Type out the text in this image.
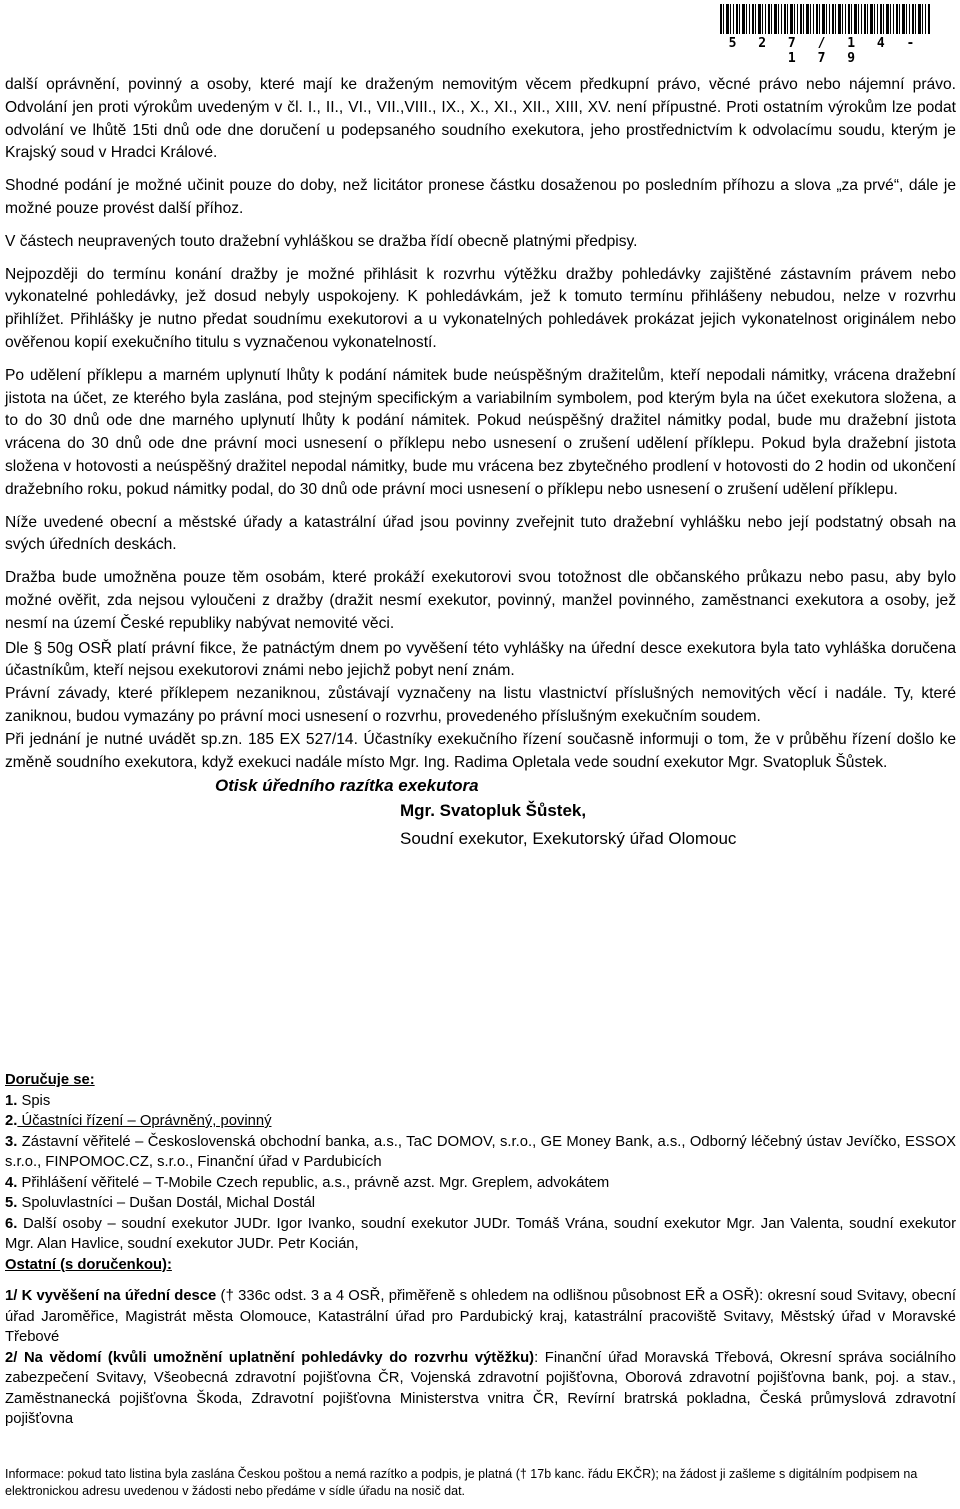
5 2 7 / 1 4 - 1 7 9

další oprávnění, povinný a osoby, které mají ke draženým nemovitým věcem předkupní právo, věcné právo nebo nájemní právo. Odvolání jen proti výrokům uvedeným v čl. I., II., VI., VII.,VIII., IX., X., XI., XII., XIII, XV. není přípustné. Proti ostatním výrokům lze podat odvolání ve lhůtě 15ti dnů ode dne doručení u podepsaného soudního exekutora, jeho prostřednictvím k odvolacímu soudu, kterým je Krajský soud v Hradci Králové.

Shodné podání je možné učinit pouze do doby, než licitátor pronese částku dosaženou po posledním příhozu a slova „za prvé“, dále je možné pouze provést další příhoz.

V částech neupravených touto dražební vyhláškou se dražba řídí obecně platnými předpisy.

Nejpozději do termínu konání dražby je možné přihlásit k rozvrhu výtěžku dražby pohledávky zajištěné zástavním právem nebo vykonatelné pohledávky, jež dosud nebyly uspokojeny. K pohledávkám, jež k tomuto termínu přihlášeny nebudou, nelze v rozvrhu přihlížet. Přihlášky je nutno předat soudnímu exekutorovi a u vykonatelných pohledávek prokázat jejich vykonatelnost originálem nebo ověřenou kopií exekučního titulu s vyznačenou vykonatelností.

Po udělení příklepu a marném uplynutí lhůty k podání námitek bude neúspěšným dražitelům, kteří nepodali námitky, vrácena dražební jistota na účet, ze kterého byla zaslána, pod stejným specifickým a variabilním symbolem, pod kterým byla na účet exekutora složena, a to do 30 dnů ode dne marného uplynutí lhůty k podání námitek. Pokud neúspěšný dražitel námitky podal, bude mu dražební jistota vrácena do 30 dnů ode dne právní moci usnesení o příklepu nebo usnesení o zrušení udělení příklepu. Pokud byla dražební jistota složena v hotovosti a neúspěšný dražitel nepodal námitky, bude mu vrácena bez zbytečného prodlení v hotovosti do 2 hodin od ukončení dražebního roku, pokud námitky podal, do 30 dnů ode právní moci usnesení o příklepu nebo usnesení o zrušení udělení příklepu.

Níže uvedené obecní a městské úřady a katastrální úřad jsou povinny zveřejnit tuto dražební vyhlášku nebo její podstatný obsah na svých úředních deskách.

Dražba bude umožněna pouze těm osobám, které prokáží exekutorovi svou totožnost dle občanského průkazu nebo pasu, aby bylo možné ověřit, zda nejsou vyloučeni z dražby (dražit nesmí exekutor, povinný, manžel povinného, zaměstnanci exekutora a osoby, jež nesmí na území České republiky nabývat nemovité věci.

Dle § 50g OSŘ platí právní fikce, že patnáctým dnem po vyvěšení této vyhlášky na úřední desce exekutora byla tato vyhláška doručena účastníkům, kteří nejsou exekutorovi známi nebo jejichž pobyt není znám.

Právní závady, které příklepem nezaniknou, zůstávají vyznačeny na listu vlastnictví příslušných nemovitých věcí i nadále. Ty, které zaniknou, budou vymazány po právní moci usnesení o rozvrhu, provedeného příslušným exekučním soudem.

Při jednání je nutné uvádět sp.zn. 185 EX 527/14. Účastníky exekučního řízení současně informuji o tom, že v průběhu řízení došlo ke změně soudního exekutora, když exekuci nadále místo Mgr. Ing. Radima Opletala vede soudní exekutor Mgr. Svatopluk Šůstek.

Otisk úředního razítka exekutora
Mgr. Svatopluk Šůstek,
Soudní exekutor, Exekutorský úřad Olomouc
Doručuje se:
1. Spis
2. Účastníci řízení – Oprávněný, povinný
3. Zástavní věřitelé – Československá obchodní banka, a.s., TaC DOMOV, s.r.o., GE Money Bank, a.s., Odborný léčebný ústav Jevíčko, ESSOX s.r.o., FINPOMOC.CZ, s.r.o., Finanční úřad v Pardubicích
4. Přihlášení věřitelé – T-Mobile Czech republic, a.s., právně azst. Mgr. Greplem, advokátem
5. Spoluvlastníci – Dušan Dostál, Michal Dostál
6. Další osoby – soudní exekutor JUDr. Igor Ivanko, soudní exekutor JUDr. Tomáš Vrána, soudní exekutor Mgr. Jan Valenta, soudní exekutor Mgr. Alan Havlice, soudní exekutor JUDr. Petr Kocián,
Ostatní (s doručenkou):
1/ K vyvěšení na úřední desce († 336c odst. 3 a 4 OSŘ, přiměřeně s ohledem na odlišnou působnost EŘ a OSŘ): okresní soud Svitavy, obecní úřad Jaroměřice, Magistrát města Olomouce, Katastrální úřad pro Pardubický kraj, katastrální pracoviště Svitavy, Městský úřad v Moravské Třebové
2/ Na vědomí (kvůli umožnění uplatnění pohledávky do rozvrhu výtěžku): Finanční úřad Moravská Třebová, Okresní správa sociálního zabezpečení Svitavy, Všeobecná zdravotní pojišťovna ČR, Vojenská zdravotní pojišťovna, Oborová zdravotní pojišťovna bank, poj. a stav., Zaměstnanecká pojišťovna Škoda, Zdravotní pojišťovna Ministerstva vnitra ČR, Revírní bratrská pokladna, Česká průmyslová zdravotní pojišťovna
Informace: pokud tato listina byla zaslána Českou poštou a nemá razítko a podpis, je platná († 17b kanc. řádu EKČR); na žádost ji zašleme s digitálním podpisem na elektronickou adresu uvedenou v žádosti nebo předáme v sídle úřadu na nosič dat.
